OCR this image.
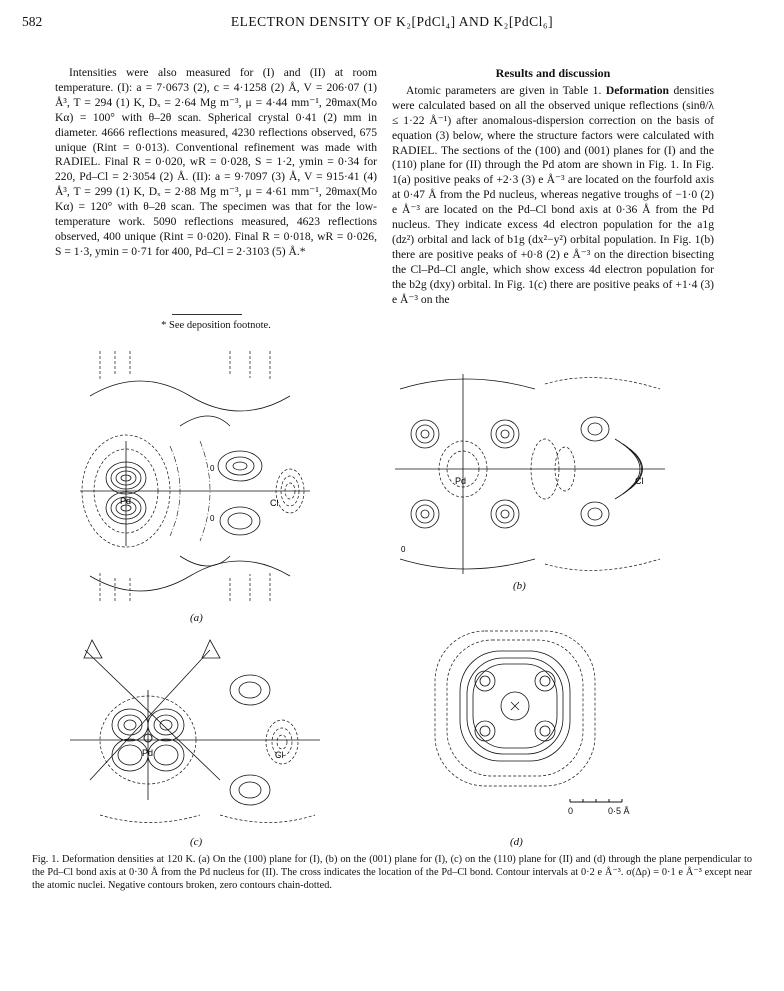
582	ELECTRON DENSITY OF K₂[PdCl₄] AND K₂[PdCl₆]

Intensities were also measured for (I) and (II) at room temperature. (I): a = 7·0673 (2), c = 4·1258 (2) Å, V = 206·07 (1) Å³, T = 294 (1) K, Dₓ = 2·64 Mg m⁻³, μ = 4·44 mm⁻¹, 2θmax(Mo Kα) = 100° with θ–2θ scan. Spherical crystal 0·41 (2) mm in diameter. 4666 reflections measured, 4230 reflections observed, 675 unique (Rint = 0·013). Conventional refinement was made with RADIEL. Final R = 0·020, wR = 0·028, S = 1·2, ymin = 0·34 for 220, Pd–Cl = 2·3054 (2) Å. (II): a = 9·7097 (3) Å, V = 915·41 (4) Å³, T = 299 (1) K, Dₓ = 2·88 Mg m⁻³, μ = 4·61 mm⁻¹, 2θmax(Mo Kα) = 120° with θ–2θ scan. The specimen was that for the low-temperature work. 5090 reflections measured, 4623 reflections observed, 400 unique (Rint = 0·020). Final R = 0·018, wR = 0·026, S = 1·3, ymin = 0·71 for 400, Pd–Cl = 2·3103 (5) Å.*

* See deposition footnote.
Results and discussion

Atomic parameters are given in Table 1. Deformation densities were calculated based on all the observed unique reflections (sinθ/λ ≤ 1·22 Å⁻¹) after anomalous-dispersion correction on the basis of equation (3) below, where the structure factors were calculated with RADIEL. The sections of the (100) and (001) planes for (I) and the (110) plane for (II) through the Pd atom are shown in Fig. 1. In Fig. 1(a) positive peaks of +2·3 (3) e Å⁻³ are located on the fourfold axis at 0·47 Å from the Pd nucleus, whereas negative troughs of −1·0 (2) e Å⁻³ are located on the Pd–Cl bond axis at 0·36 Å from the Pd nucleus. They indicate excess 4d electron population for the a1g (dz²) orbital and lack of b1g (dx²−y²) orbital population. In Fig. 1(b) there are positive peaks of +0·8 (2) e Å⁻³ on the direction bisecting the Cl–Pd–Cl angle, which show excess 4d electron population for the b2g (dxy) orbital. In Fig. 1(c) there are positive peaks of +1·4 (3) e Å⁻³ on the

Pd	Cl
0
0
(a)
Pd	Cl
0
(b)
Pd	Cl
(c)
0	0·5 Å
(d)
Fig. 1. Deformation densities at 120 K. (a) On the (100) plane for (I), (b) on the (001) plane for (I), (c) on the (110) plane for (II) and (d) through the plane perpendicular to the Pd–Cl bond axis at 0·30 Å from the Pd nucleus for (II). The cross indicates the location of the Pd–Cl bond. Contour intervals at 0·2 e Å⁻³. σ(Δρ) = 0·1 e Å⁻³ except near the atomic nuclei. Negative contours broken, zero contours chain-dotted.
